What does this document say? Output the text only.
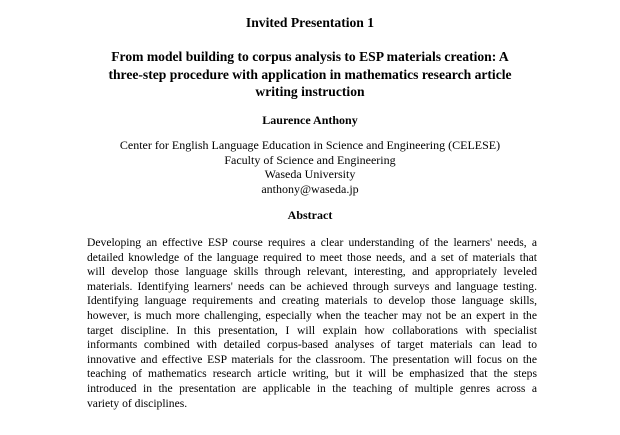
Invited Presentation 1
From model building to corpus analysis to ESP materials creation: A
three-step procedure with application in mathematics research article
writing instruction
Laurence Anthony
Center for English Language Education in Science and Engineering (CELESE)
Faculty of Science and Engineering
Waseda University
anthony@waseda.jp
Abstract
Developing an effective ESP course requires a clear understanding of the learners' needs, a
detailed knowledge of the language required to meet those needs, and a set of materials that
will develop those language skills through relevant, interesting, and appropriately leveled
materials. Identifying learners' needs can be achieved through surveys and language testing.
Identifying language requirements and creating materials to develop those language skills,
however, is much more challenging, especially when the teacher may not be an expert in the
target discipline. In this presentation, I will explain how collaborations with specialist
informants combined with detailed corpus-based analyses of target materials can lead to
innovative and effective ESP materials for the classroom. The presentation will focus on the
teaching of mathematics research article writing, but it will be emphasized that the steps
introduced in the presentation are applicable in the teaching of multiple genres across a
variety of disciplines.
